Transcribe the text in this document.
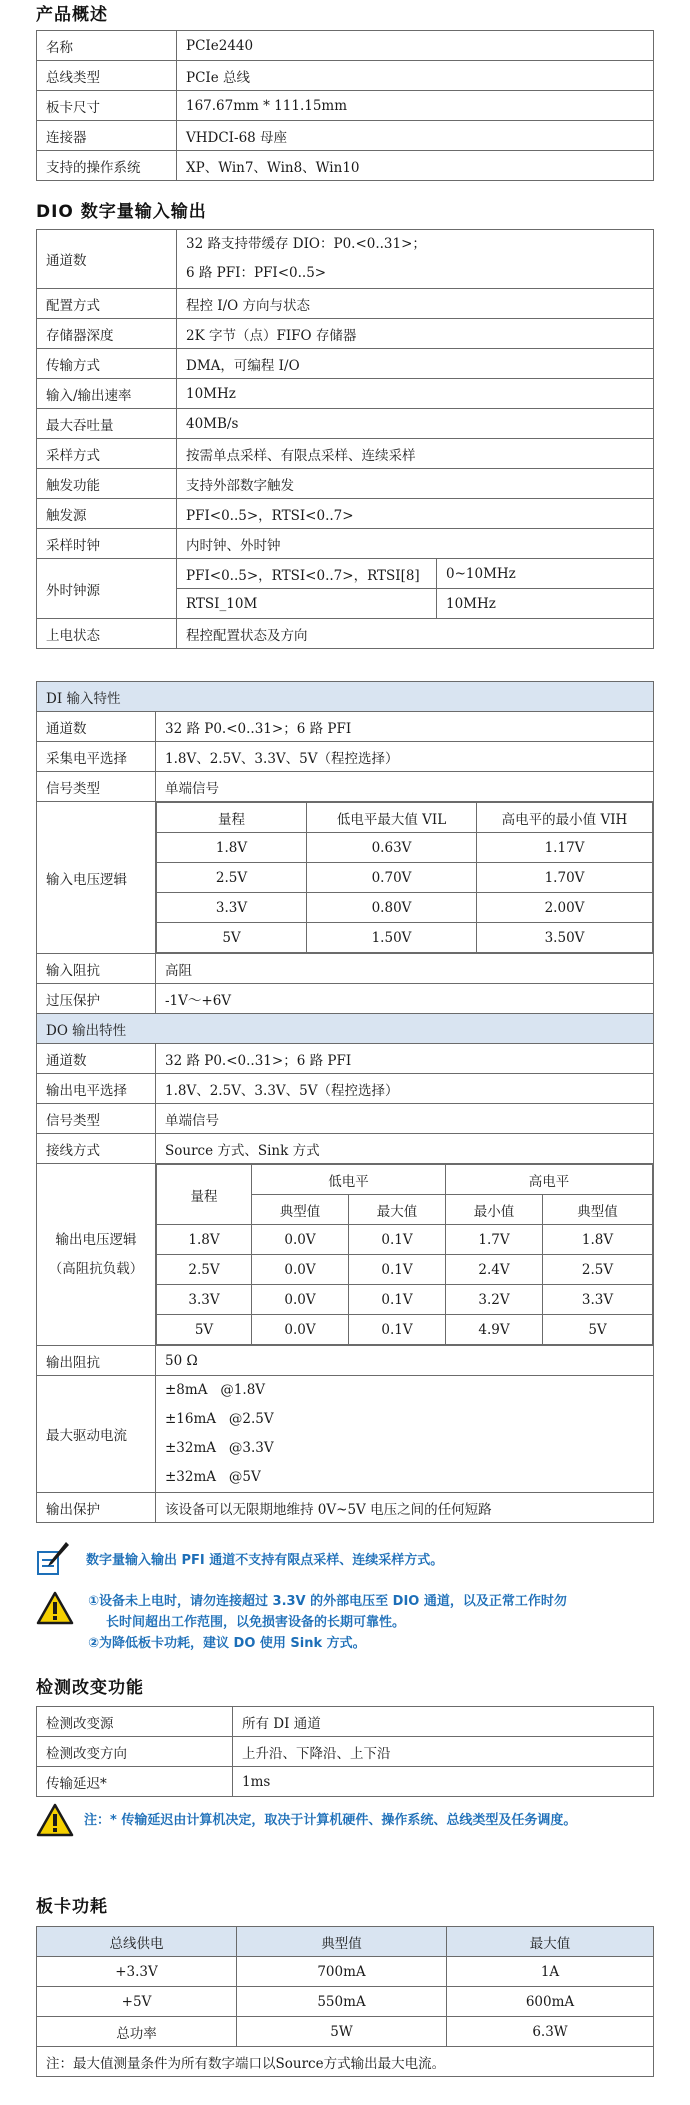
产品概述
名称	PCIe2440
总线类型	PCIe 总线
板卡尺寸	167.67mm * 111.15mm
连接器	VHDCI-68 母座
支持的操作系统	XP、Win7、Win8、Win10
DIO 数字量输入输出
通道数	32 路支持带缓存 DIO：P0.<0..31>；
6 路 PFI：PFI<0..5>	

配置方式	程控 I/O 方向与状态	
存储器深度	2K 字节（点）FIFO 存储器	
传输方式	DMA，可编程 I/O	
输入/输出速率	10MHz	
最大吞吐量	40MB/s	
采样方式	按需单点采样、有限点采样、连续采样	
触发功能	支持外部数字触发	
触发源	PFI<0..5>，RTSI<0..7>	
采样时钟	内时钟、外时钟	
外时钟源	PFI<0..5>，RTSI<0..7>，RTSI[8]	0~10MHz
	RTSI_10M	10MHz
上电状态	程控配置状态及方向	
DI 输入特性
通道数	32 路 P0.<0..31>；6 路 PFI
采集电平选择	1.8V、2.5V、3.3V、5V（程控选择）
信号类型	单端信号
输入电压逻辑	
量程	低电平最大值 VIL	高电平的最小值 VIH
1.8V	0.63V	1.17V
2.5V	0.70V	1.70V
3.3V	0.80V	2.00V
5V	1.50V	3.50V

输入阻抗	高阻
过压保护	-1V～+6V
DO 输出特性
通道数	32 路 P0.<0..31>；6 路 PFI
输出电平选择	1.8V、2.5V、3.3V、5V（程控选择）
信号类型	单端信号
接线方式	Source 方式、Sink 方式

输出电压逻辑
（高阻抗负载）

量程	低电平	高电平
典型值	最大值	最小值	典型值
1.8V	0.0V	0.1V	1.7V	1.8V
2.5V	0.0V	0.1V	2.4V	2.5V
3.3V	0.0V	0.1V	3.2V	3.3V
5V	0.0V	0.1V	4.9V	5V

输出阻抗	50 Ω
最大驱动电流	
±8mA   @1.8V
±16mA   @2.5V
±32mA   @3.3V
±32mA   @5V

输出保护	该设备可以无限期地维持 0V~5V 电压之间的任何短路
数字量输入输出 PFI 通道不支持有限点采样、连续采样方式。
①设备未上电时，请勿连接超过 3.3V 的外部电压至 DIO 通道，以及正常工作时勿
长时间超出工作范围，以免损害设备的长期可靠性。
②为降低板卡功耗，建议 DO 使用 Sink 方式。
检测改变功能
检测改变源	所有 DI 通道
检测改变方向	上升沿、下降沿、上下沿
传输延迟*	1ms
注：* 传输延迟由计算机决定，取决于计算机硬件、操作系统、总线类型及任务调度。
板卡功耗
总线供电	典型值	最大值
+3.3V	700mA	1A
+5V	550mA	600mA
总功率	5W	6.3W
注：最大值测量条件为所有数字端口以Source方式输出最大电流。		
